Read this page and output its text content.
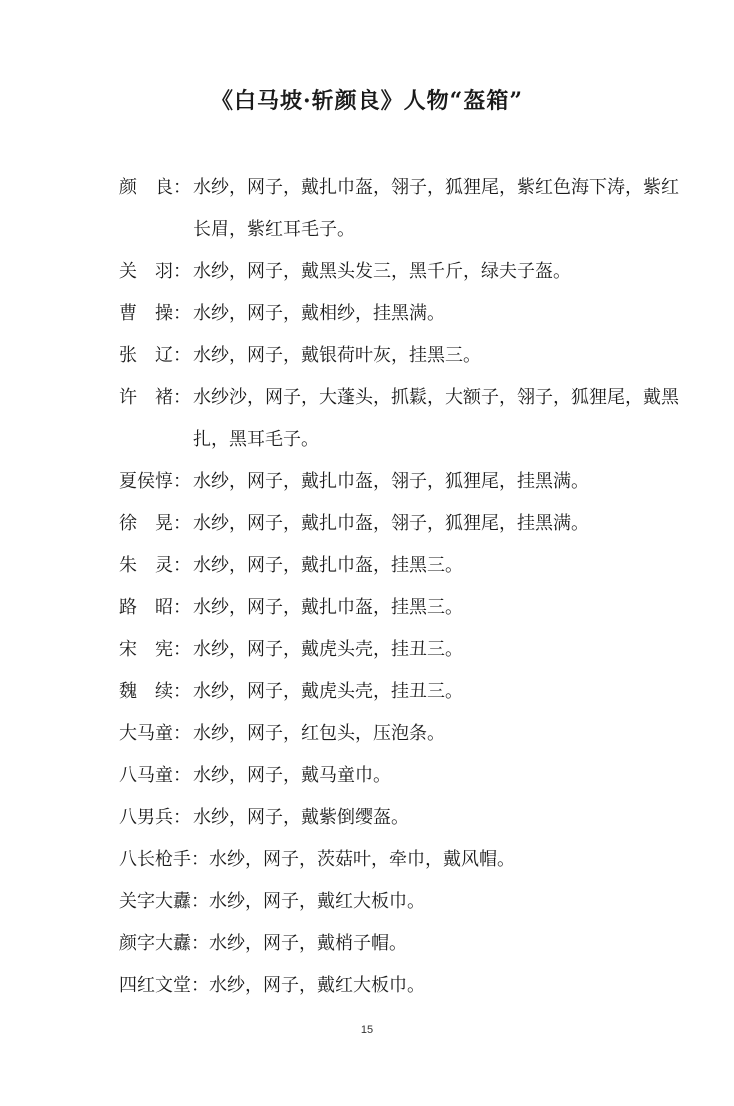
《白马坡·斩颜良》人物“盔箱”
颜　良： 水纱，网子，戴扎巾盔，翎子，狐狸尾，紫红色海下涛，紫红长眉，紫红耳毛子。
关　羽： 水纱，网子，戴黑头发三，黑千斤，绿夫子盔。
曹　操： 水纱，网子，戴相纱，挂黑满。
张　辽： 水纱，网子，戴银荷叶灰，挂黑三。
许　褚： 水纱沙，网子，大蓬头，抓鬏，大额子，翎子，狐狸尾，戴黑扎，黑耳毛子。
夏侯惇： 水纱，网子，戴扎巾盔，翎子，狐狸尾，挂黑满。
徐　晃： 水纱，网子，戴扎巾盔，翎子，狐狸尾，挂黑满。
朱　灵： 水纱，网子，戴扎巾盔，挂黑三。
路　昭： 水纱，网子，戴扎巾盔，挂黑三。
宋　宪： 水纱，网子，戴虎头壳，挂丑三。
魏　续： 水纱，网子，戴虎头壳，挂丑三。
大马童： 水纱，网子，红包头，压泡条。
八马童： 水纱，网子，戴马童巾。
八男兵： 水纱，网子，戴紫倒缨盔。
八长枪手：水纱，网子，茨菇叶，牵巾，戴风帽。
关字大纛：水纱，网子，戴红大板巾。
颜字大纛：水纱，网子，戴梢子帽。
四红文堂：水纱，网子，戴红大板巾。
15
